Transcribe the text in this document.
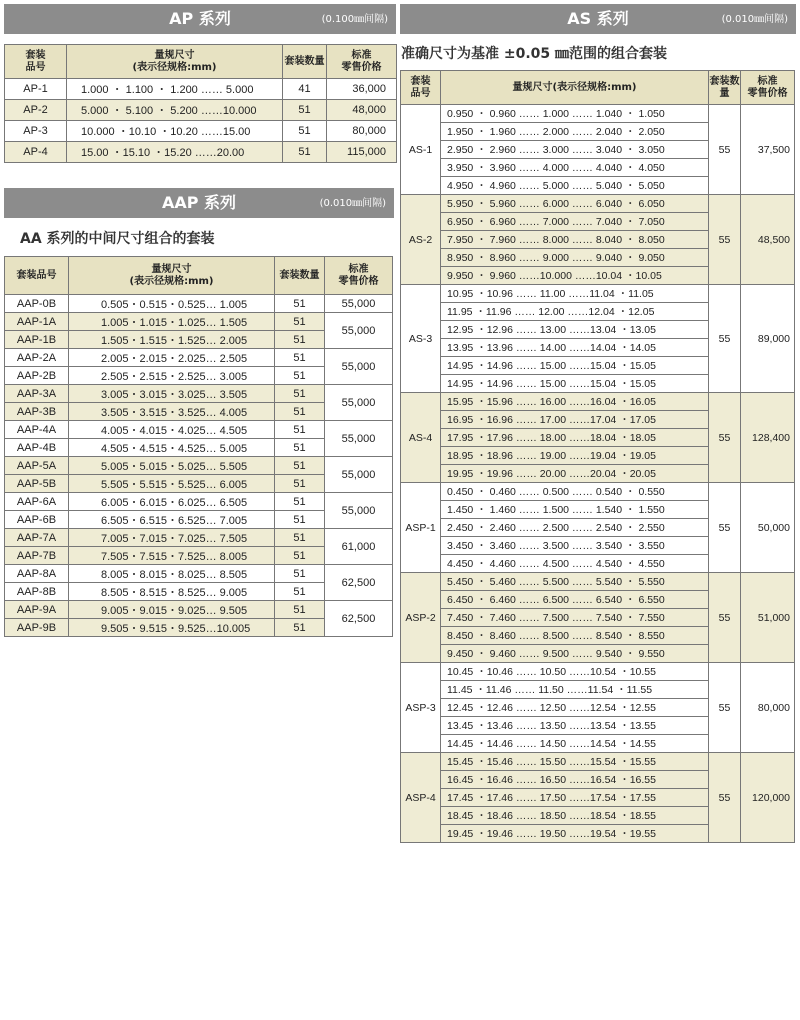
AP 系列	(0.100㎜间隔)
套装
品号	量规尺寸
(表示径规格:mm)	套装数量	标准
零售价格
AP-1	1.000 ・ 1.100 ・ 1.200 …… 5.000	41	36,000
AP-2	5.000 ・ 5.100 ・ 5.200 ……10.000	51	48,000
AP-3	10.000 ・10.10 ・10.20 ……15.00	51	80,000
AP-4	15.00 ・15.10 ・15.20 ……20.00	51	115,000
AAP 系列	(0.010㎜间隔)
AA 系列的中间尺寸组合的套装
套装品号	量规尺寸
(表示径规格:mm)	套装数量	标准
零售价格
AAP-0B	0.505・0.515・0.525… 1.005	51	55,000
AAP-1A	1.005・1.015・1.025… 1.505	51	55,000
AAP-1B	1.505・1.515・1.525… 2.005	51	
AAP-2A	2.005・2.015・2.025… 2.505	51	55,000
AAP-2B	2.505・2.515・2.525… 3.005	51	
AAP-3A	3.005・3.015・3.025… 3.505	51	55,000
AAP-3B	3.505・3.515・3.525… 4.005	51	
AAP-4A	4.005・4.015・4.025… 4.505	51	55,000
AAP-4B	4.505・4.515・4.525… 5.005	51	
AAP-5A	5.005・5.015・5.025… 5.505	51	55,000
AAP-5B	5.505・5.515・5.525… 6.005	51	
AAP-6A	6.005・6.015・6.025… 6.505	51	55,000
AAP-6B	6.505・6.515・6.525… 7.005	51	
AAP-7A	7.005・7.015・7.025… 7.505	51	61,000
AAP-7B	7.505・7.515・7.525… 8.005	51	
AAP-8A	8.005・8.015・8.025… 8.505	51	62,500
AAP-8B	8.505・8.515・8.525… 9.005	51	
AAP-9A	9.005・9.015・9.025… 9.505	51	62,500
AAP-9B	9.505・9.515・9.525…10.005	51	
AS 系列	(0.010㎜间隔)
准确尺寸为基准 ±0.05 ㎜范围的组合套装
套装
品号	量规尺寸(表示径规格:mm)	套装数量	标准
零售价格
AS-1	0.950 ・ 0.960 …… 1.000 …… 1.040 ・ 1.050	55	37,500
	1.950 ・ 1.960 …… 2.000 …… 2.040 ・ 2.050		
	2.950 ・ 2.960 …… 3.000 …… 3.040 ・ 3.050		
	3.950 ・ 3.960 …… 4.000 …… 4.040 ・ 4.050		
	4.950 ・ 4.960 …… 5.000 …… 5.040 ・ 5.050		
AS-2	5.950 ・ 5.960 …… 6.000 …… 6.040 ・ 6.050	55	48,500
	6.950 ・ 6.960 …… 7.000 …… 7.040 ・ 7.050		
	7.950 ・ 7.960 …… 8.000 …… 8.040 ・ 8.050		
	8.950 ・ 8.960 …… 9.000 …… 9.040 ・ 9.050		
	9.950 ・ 9.960 ……10.000 ……10.04 ・10.05		
AS-3	10.95 ・10.96 …… 11.00 ……11.04 ・11.05	55	89,000
	11.95 ・11.96 …… 12.00 ……12.04 ・12.05		
	12.95 ・12.96 …… 13.00 ……13.04 ・13.05		
	13.95 ・13.96 …… 14.00 ……14.04 ・14.05		
	14.95 ・14.96 …… 15.00 ……15.04 ・15.05		
	14.95 ・14.96 …… 15.00 ……15.04 ・15.05		
AS-4	15.95 ・15.96 …… 16.00 ……16.04 ・16.05	55	128,400
	16.95 ・16.96 …… 17.00 ……17.04 ・17.05		
	17.95 ・17.96 …… 18.00 ……18.04 ・18.05		
	18.95 ・18.96 …… 19.00 ……19.04 ・19.05		
	19.95 ・19.96 …… 20.00 ……20.04 ・20.05		
ASP-1	0.450 ・ 0.460 …… 0.500 …… 0.540 ・ 0.550	55	50,000
	1.450 ・ 1.460 …… 1.500 …… 1.540 ・ 1.550		
	2.450 ・ 2.460 …… 2.500 …… 2.540 ・ 2.550		
	3.450 ・ 3.460 …… 3.500 …… 3.540 ・ 3.550		
	4.450 ・ 4.460 …… 4.500 …… 4.540 ・ 4.550		
ASP-2	5.450 ・ 5.460 …… 5.500 …… 5.540 ・ 5.550	55	51,000
	6.450 ・ 6.460 …… 6.500 …… 6.540 ・ 6.550		
	7.450 ・ 7.460 …… 7.500 …… 7.540 ・ 7.550		
	8.450 ・ 8.460 …… 8.500 …… 8.540 ・ 8.550		
	9.450 ・ 9.460 …… 9.500 …… 9.540 ・ 9.550		
ASP-3	10.45 ・10.46 …… 10.50 ……10.54 ・10.55	55	80,000
	11.45 ・11.46 …… 11.50 ……11.54 ・11.55		
	12.45 ・12.46 …… 12.50 ……12.54 ・12.55		
	13.45 ・13.46 …… 13.50 ……13.54 ・13.55		
	14.45 ・14.46 …… 14.50 ……14.54 ・14.55		
ASP-4	15.45 ・15.46 …… 15.50 ……15.54 ・15.55	55	120,000
	16.45 ・16.46 …… 16.50 ……16.54 ・16.55		
	17.45 ・17.46 …… 17.50 ……17.54 ・17.55		
	18.45 ・18.46 …… 18.50 ……18.54 ・18.55		
	19.45 ・19.46 …… 19.50 ……19.54 ・19.55		
